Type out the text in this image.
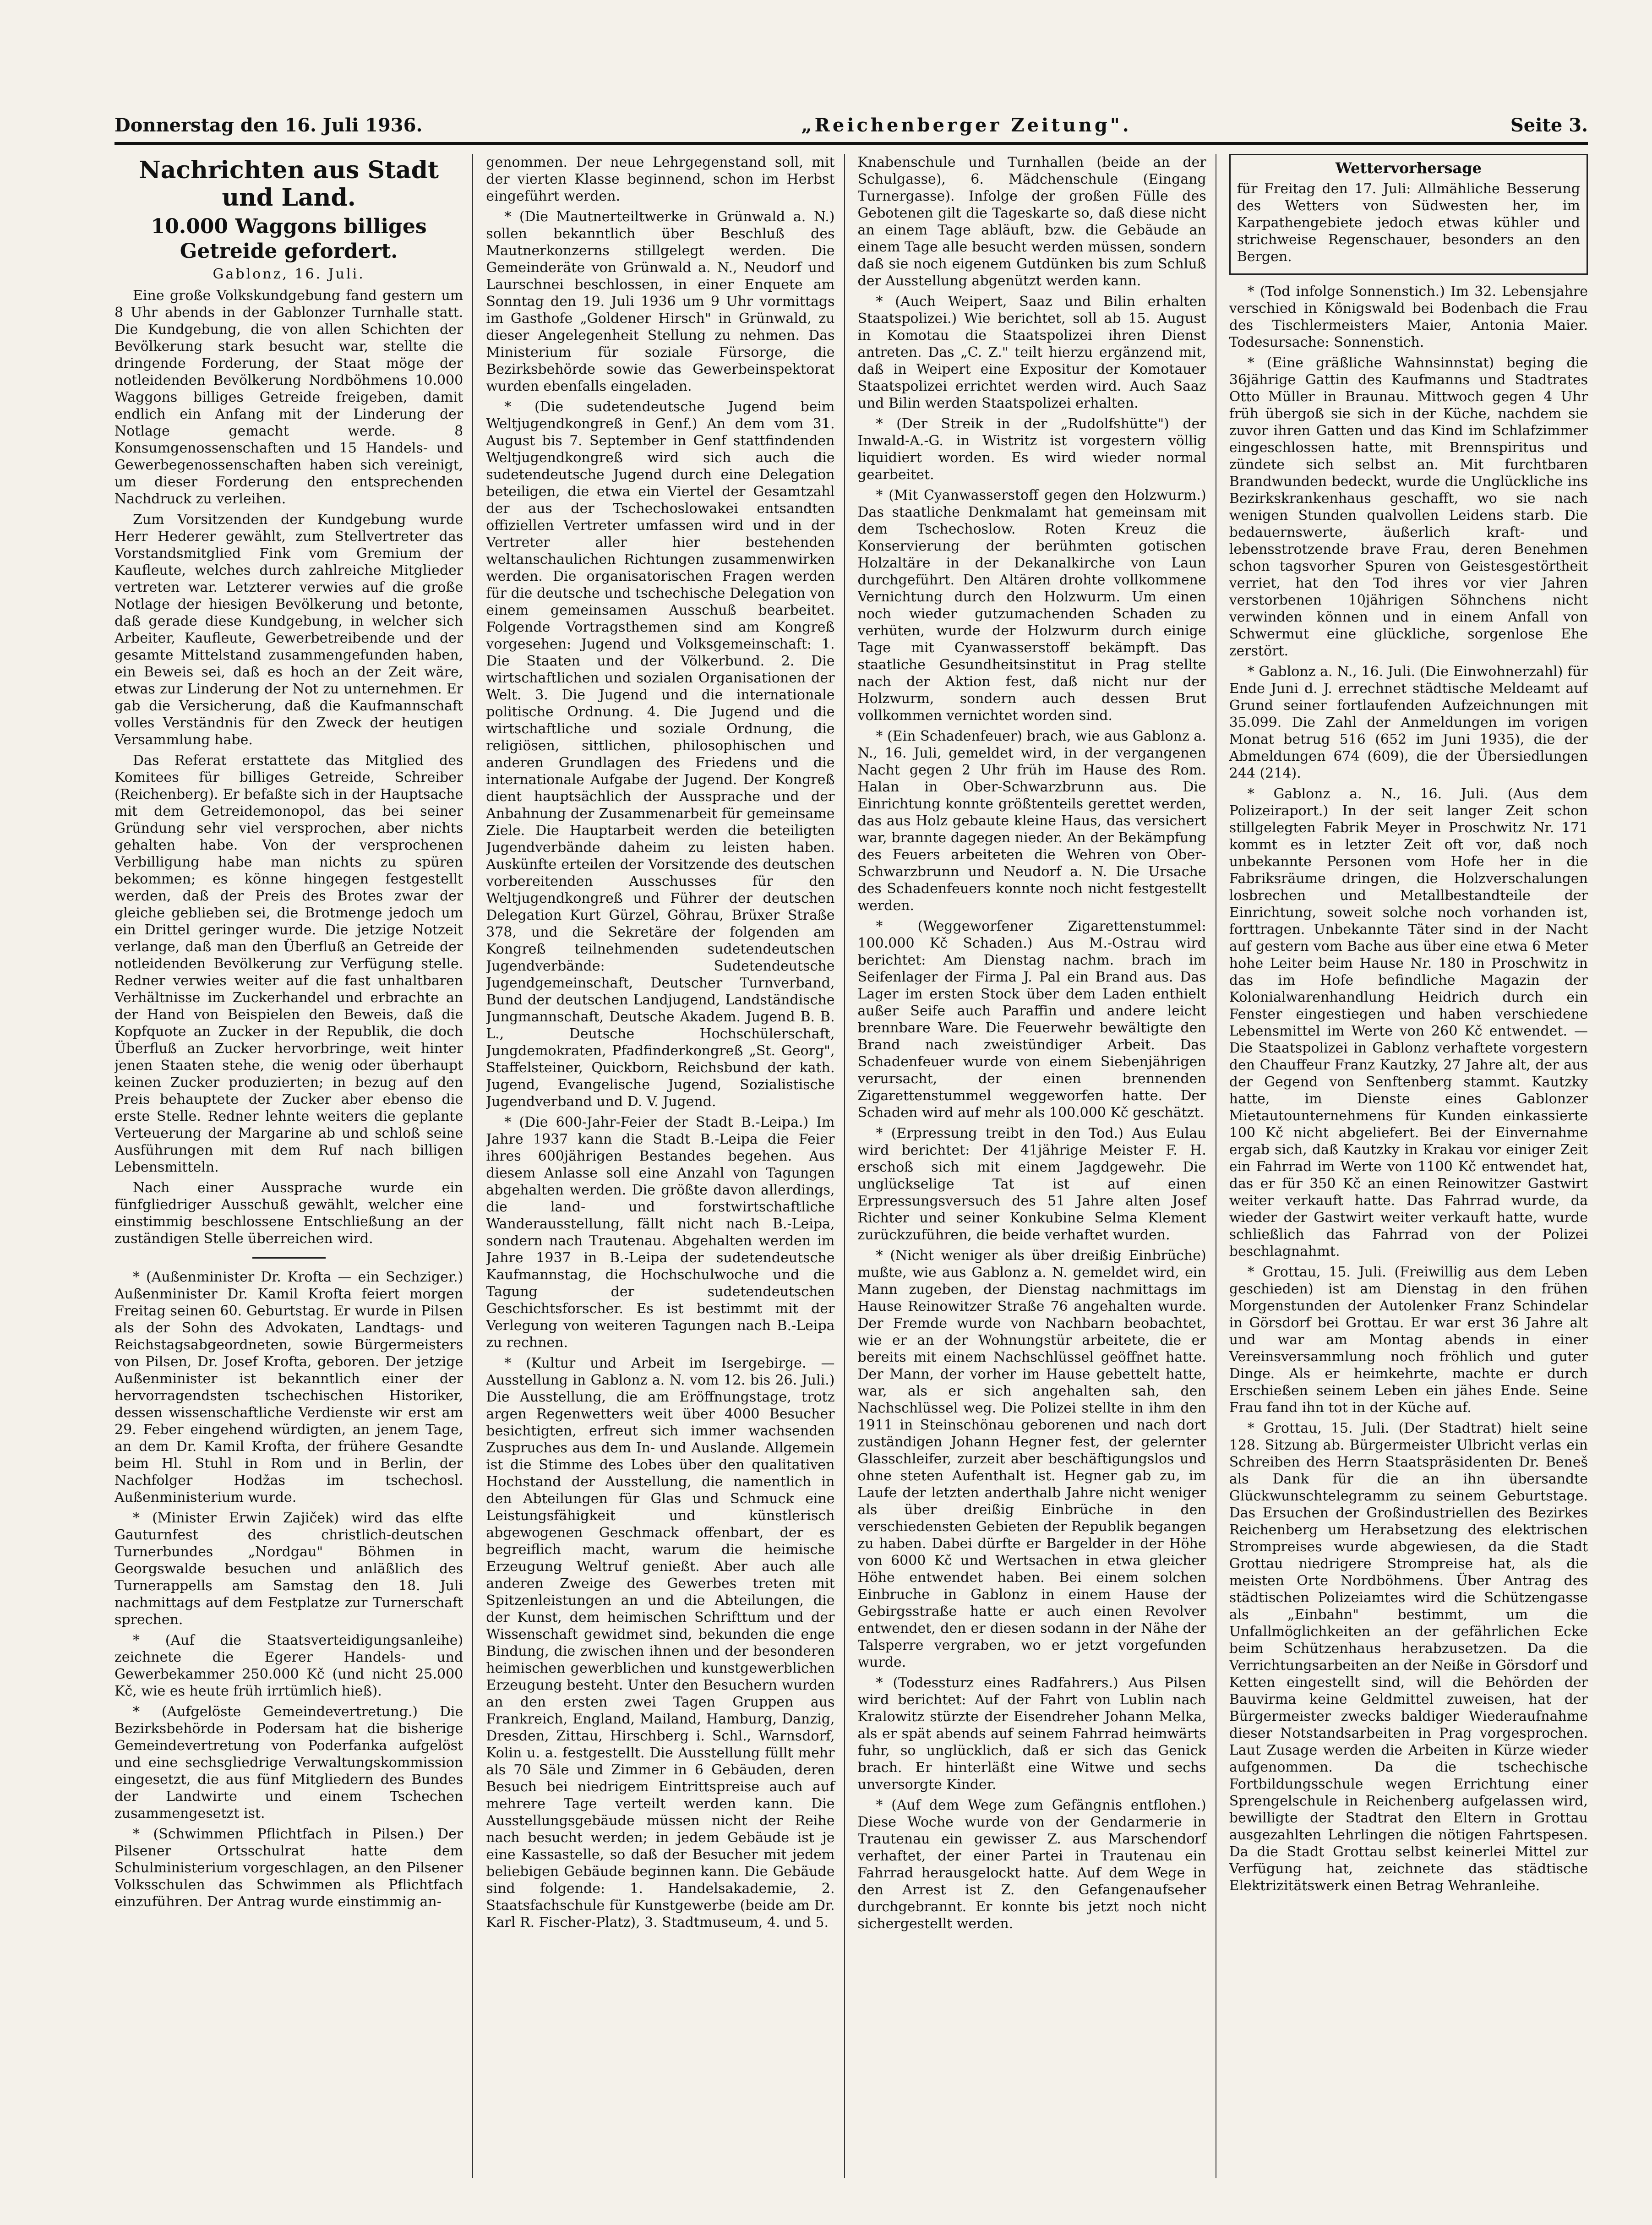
Donnerstag den 16. Juli 1936.	„Reichenberger Zeitung".	Seite 3.
Nachrichten aus Stadt und Land.
10.000 Waggons billiges Getreide gefordert.
Gablonz, 16. Juli.

Eine große Volkskundgebung fand gestern um 8 Uhr abends in der Gablonzer Turnhalle statt. Die Kundgebung, die von allen Schichten der Bevölkerung stark besucht war, stellte die dringende Forderung, der Staat möge der notleidenden Bevölkerung Nordböhmens 10.000 Waggons billiges Getreide freigeben, damit endlich ein Anfang mit der Linderung der Notlage gemacht werde. 8 Konsumgenossenschaften und 15 Handels- und Gewerbegenossenschaften haben sich vereinigt, um dieser Forderung den entsprechenden Nachdruck zu verleihen.

Zum Vorsitzenden der Kundgebung wurde Herr Hederer gewählt, zum Stellvertreter das Vorstandsmitglied Fink vom Gremium der Kaufleute, welches durch zahlreiche Mitglieder vertreten war. Letzterer verwies auf die große Notlage der hiesigen Bevölkerung und betonte, daß gerade diese Kundgebung, in welcher sich Arbeiter, Kaufleute, Gewerbetreibende und der gesamte Mittelstand zusammengefunden haben, ein Beweis sei, daß es hoch an der Zeit wäre, etwas zur Linderung der Not zu unternehmen. Er gab die Versicherung, daß die Kaufmannschaft volles Verständnis für den Zweck der heutigen Versammlung habe.

Das Referat erstattete das Mitglied des Komitees für billiges Getreide, Schreiber (Reichenberg). Er befaßte sich in der Hauptsache mit dem Getreidemonopol, das bei seiner Gründung sehr viel versprochen, aber nichts gehalten habe. Von der versprochenen Verbilligung habe man nichts zu spüren bekommen; es könne hingegen festgestellt werden, daß der Preis des Brotes zwar der gleiche geblieben sei, die Brotmenge jedoch um ein Drittel geringer wurde. Die jetzige Notzeit verlange, daß man den Überfluß an Getreide der notleidenden Bevölkerung zur Verfügung stelle. Redner verwies weiter auf die fast unhaltbaren Verhältnisse im Zuckerhandel und erbrachte an der Hand von Beispielen den Beweis, daß die Kopfquote an Zucker in der Republik, die doch Überfluß an Zucker hervorbringe, weit hinter jenen Staaten stehe, die wenig oder überhaupt keinen Zucker produzierten; in bezug auf den Preis behauptete der Zucker aber ebenso die erste Stelle. Redner lehnte weiters die geplante Verteuerung der Margarine ab und schloß seine Ausführungen mit dem Ruf nach billigen Lebensmitteln.

Nach einer Aussprache wurde ein fünfgliedriger Ausschuß gewählt, welcher eine einstimmig beschlossene Entschließung an der zuständigen Stelle überreichen wird.

* (Außenminister Dr. Krofta — ein Sechziger.) Außenminister Dr. Kamil Krofta feiert morgen Freitag seinen 60. Geburtstag. Er wurde in Pilsen als der Sohn des Advokaten, Landtags- und Reichstagsabgeordneten, sowie Bürgermeisters von Pilsen, Dr. Josef Krofta, geboren. Der jetzige Außenminister ist bekanntlich einer der hervorragendsten tschechischen Historiker, dessen wissenschaftliche Verdienste wir erst am 29. Feber eingehend würdigten, an jenem Tage, an dem Dr. Kamil Krofta, der frühere Gesandte beim Hl. Stuhl in Rom und in Berlin, der Nachfolger Hodžas im tschechosl. Außenministerium wurde.

* (Minister Erwin Zajiček) wird das elfte Gauturnfest des christlich-deutschen Turnerbundes „Nordgau" Böhmen in Georgswalde besuchen und anläßlich des Turnerappells am Samstag den 18. Juli nachmittags auf dem Festplatze zur Turnerschaft sprechen.

* (Auf die Staatsverteidigungsanleihe) zeichnete die Egerer Handels- und Gewerbekammer 250.000 Kč (und nicht 25.000 Kč, wie es heute früh irrtümlich hieß).

* (Aufgelöste Gemeindevertretung.) Die Bezirksbehörde in Podersam hat die bisherige Gemeindevertretung von Poderfanka aufgelöst und eine sechsgliedrige Verwaltungskommission eingesetzt, die aus fünf Mitgliedern des Bundes der Landwirte und einem Tschechen zusammengesetzt ist.

* (Schwimmen Pflichtfach in Pilsen.) Der Pilsener Ortsschulrat hatte dem Schulministerium vorgeschlagen, an den Pilsener Volksschulen das Schwimmen als Pflichtfach einzuführen. Der Antrag wurde einstimmig an-

genommen. Der neue Lehrgegenstand soll, mit der vierten Klasse beginnend, schon im Herbst eingeführt werden.

* (Die Mautnerteiltwerke in Grünwald a. N.) sollen bekanntlich über Beschluß des Mautnerkonzerns stillgelegt werden. Die Gemeinderäte von Grünwald a. N., Neudorf und Laurschnei beschlossen, in einer Enquete am Sonntag den 19. Juli 1936 um 9 Uhr vormittags im Gasthofe „Goldener Hirsch" in Grünwald, zu dieser Angelegenheit Stellung zu nehmen. Das Ministerium für soziale Fürsorge, die Bezirksbehörde sowie das Gewerbeinspektorat wurden ebenfalls eingeladen.

* (Die sudetendeutsche Jugend beim Weltjugendkongreß in Genf.) An dem vom 31. August bis 7. September in Genf stattfindenden Weltjugendkongreß wird sich auch die sudetendeutsche Jugend durch eine Delegation beteiligen, die etwa ein Viertel der Gesamtzahl der aus der Tschechoslowakei entsandten offiziellen Vertreter umfassen wird und in der Vertreter aller hier bestehenden weltanschaulichen Richtungen zusammenwirken werden. Die organisatorischen Fragen werden für die deutsche und tschechische Delegation von einem gemeinsamen Ausschuß bearbeitet. Folgende Vortragsthemen sind am Kongreß vorgesehen: Jugend und Volksgemeinschaft: 1. Die Staaten und der Völkerbund. 2. Die wirtschaftlichen und sozialen Organisationen der Welt. 3. Die Jugend und die internationale politische Ordnung. 4. Die Jugend und die wirtschaftliche und soziale Ordnung, die religiösen, sittlichen, philosophischen und anderen Grundlagen des Friedens und die internationale Aufgabe der Jugend. Der Kongreß dient hauptsächlich der Aussprache und der Anbahnung der Zusammenarbeit für gemeinsame Ziele. Die Hauptarbeit werden die beteiligten Jugendverbände daheim zu leisten haben. Auskünfte erteilen der Vorsitzende des deutschen vorbereitenden Ausschusses für den Weltjugendkongreß und Führer der deutschen Delegation Kurt Gürzel, Göhrau, Brüxer Straße 378, und die Sekretäre der folgenden am Kongreß teilnehmenden sudetendeutschen Jugendverbände: Sudetendeutsche Jugendgemeinschaft, Deutscher Turnverband, Bund der deutschen Landjugend, Landständische Jungmannschaft, Deutsche Akadem. Jugend B. B. L., Deutsche Hochschülerschaft, Jungdemokraten, Pfadfinderkongreß „St. Georg", Staffelsteiner, Quickborn, Reichsbund der kath. Jugend, Evangelische Jugend, Sozialistische Jugendverband und D. V. Jugend.

* (Die 600-Jahr-Feier der Stadt B.-Leipa.) Im Jahre 1937 kann die Stadt B.-Leipa die Feier ihres 600jährigen Bestandes begehen. Aus diesem Anlasse soll eine Anzahl von Tagungen abgehalten werden. Die größte davon allerdings, die land- und forstwirtschaftliche Wanderausstellung, fällt nicht nach B.-Leipa, sondern nach Trautenau. Abgehalten werden im Jahre 1937 in B.-Leipa der sudetendeutsche Kaufmannstag, die Hochschulwoche und die Tagung der sudetendeutschen Geschichtsforscher. Es ist bestimmt mit der Verlegung von weiteren Tagungen nach B.-Leipa zu rechnen.

* (Kultur und Arbeit im Isergebirge. — Ausstellung in Gablonz a. N. vom 12. bis 26. Juli.) Die Ausstellung, die am Eröffnungstage, trotz argen Regenwetters weit über 4000 Besucher besichtigten, erfreut sich immer wachsenden Zuspruches aus dem In- und Auslande. Allgemein ist die Stimme des Lobes über den qualitativen Hochstand der Ausstellung, die namentlich in den Abteilungen für Glas und Schmuck eine Leistungsfähigkeit und künstlerisch abgewogenen Geschmack offenbart, der es begreiflich macht, warum die heimische Erzeugung Weltruf genießt. Aber auch alle anderen Zweige des Gewerbes treten mit Spitzenleistungen an und die Abteilungen, die der Kunst, dem heimischen Schrifttum und der Wissenschaft gewidmet sind, bekunden die enge Bindung, die zwischen ihnen und der besonderen heimischen gewerblichen und kunstgewerblichen Erzeugung besteht. Unter den Besuchern wurden an den ersten zwei Tagen Gruppen aus Frankreich, England, Mailand, Hamburg, Danzig, Dresden, Zittau, Hirschberg i. Schl., Warnsdorf, Kolin u. a. festgestellt. Die Ausstellung füllt mehr als 70 Säle und Zimmer in 6 Gebäuden, deren Besuch bei niedrigem Eintrittspreise auch auf mehrere Tage verteilt werden kann. Die Ausstellungsgebäude müssen nicht der Reihe nach besucht werden; in jedem Gebäude ist je eine Kassastelle, so daß der Besucher mit jedem beliebigen Gebäude beginnen kann. Die Gebäude sind folgende: 1. Handelsakademie, 2. Staatsfachschule für Kunstgewerbe (beide am Dr. Karl R. Fischer-Platz), 3. Stadtmuseum, 4. und 5.

Knabenschule und Turnhallen (beide an der Schulgasse), 6. Mädchenschule (Eingang Turnergasse). Infolge der großen Fülle des Gebotenen gilt die Tageskarte so, daß diese nicht an einem Tage abläuft, bzw. die Gebäude an einem Tage alle besucht werden müssen, sondern daß sie noch eigenem Gutdünken bis zum Schluß der Ausstellung abgenützt werden kann.

* (Auch Weipert, Saaz und Bilin erhalten Staatspolizei.) Wie berichtet, soll ab 15. August in Komotau die Staatspolizei ihren Dienst antreten. Das „C. Z." teilt hierzu ergänzend mit, daß in Weipert eine Expositur der Komotauer Staatspolizei errichtet werden wird. Auch Saaz und Bilin werden Staatspolizei erhalten.

* (Der Streik in der „Rudolfshütte") der Inwald-A.-G. in Wistritz ist vorgestern völlig liquidiert worden. Es wird wieder normal gearbeitet.

* (Mit Cyanwasserstoff gegen den Holzwurm.) Das staatliche Denkmalamt hat gemeinsam mit dem Tschechoslow. Roten Kreuz die Konservierung der berühmten gotischen Holzaltäre in der Dekanalkirche von Laun durchgeführt. Den Altären drohte vollkommene Vernichtung durch den Holzwurm. Um einen noch wieder gutzumachenden Schaden zu verhüten, wurde der Holzwurm durch einige Tage mit Cyanwasserstoff bekämpft. Das staatliche Gesundheitsinstitut in Prag stellte nach der Aktion fest, daß nicht nur der Holzwurm, sondern auch dessen Brut vollkommen vernichtet worden sind.

* (Ein Schadenfeuer) brach, wie aus Gablonz a. N., 16. Juli, gemeldet wird, in der vergangenen Nacht gegen 2 Uhr früh im Hause des Rom. Halan in Ober-Schwarzbrunn aus. Die Einrichtung konnte größtenteils gerettet werden, das aus Holz gebaute kleine Haus, das versichert war, brannte dagegen nieder. An der Bekämpfung des Feuers arbeiteten die Wehren von Ober-Schwarzbrunn und Neudorf a. N. Die Ursache des Schadenfeuers konnte noch nicht festgestellt werden.

* (Weggeworfener Zigarettenstummel: 100.000 Kč Schaden.) Aus M.-Ostrau wird berichtet: Am Dienstag nachm. brach im Seifenlager der Firma J. Pal ein Brand aus. Das Lager im ersten Stock über dem Laden enthielt außer Seife auch Paraffin und andere leicht brennbare Ware. Die Feuerwehr bewältigte den Brand nach zweistündiger Arbeit. Das Schadenfeuer wurde von einem Siebenjährigen verursacht, der einen brennenden Zigarettenstummel weggeworfen hatte. Der Schaden wird auf mehr als 100.000 Kč geschätzt.

* (Erpressung treibt in den Tod.) Aus Eulau wird berichtet: Der 41jährige Meister F. H. erschoß sich mit einem Jagdgewehr. Die unglückselige Tat ist auf einen Erpressungsversuch des 51 Jahre alten Josef Richter und seiner Konkubine Selma Klement zurückzuführen, die beide verhaftet wurden.

* (Nicht weniger als über dreißig Einbrüche) mußte, wie aus Gablonz a. N. gemeldet wird, ein Mann zugeben, der Dienstag nachmittags im Hause Reinowitzer Straße 76 angehalten wurde. Der Fremde wurde von Nachbarn beobachtet, wie er an der Wohnungstür arbeitete, die er bereits mit einem Nachschlüssel geöffnet hatte. Der Mann, der vorher im Hause gebettelt hatte, war, als er sich angehalten sah, den Nachschlüssel weg. Die Polizei stellte in ihm den 1911 in Steinschönau geborenen und nach dort zuständigen Johann Hegner fest, der gelernter Glasschleifer, zurzeit aber beschäftigungslos und ohne steten Aufenthalt ist. Hegner gab zu, im Laufe der letzten anderthalb Jahre nicht weniger als über dreißig Einbrüche in den verschiedensten Gebieten der Republik begangen zu haben. Dabei dürfte er Bargelder in der Höhe von 6000 Kč und Wertsachen in etwa gleicher Höhe entwendet haben. Bei einem solchen Einbruche in Gablonz in einem Hause der Gebirgsstraße hatte er auch einen Revolver entwendet, den er diesen sodann in der Nähe der Talsperre vergraben, wo er jetzt vorgefunden wurde.

* (Todessturz eines Radfahrers.) Aus Pilsen wird berichtet: Auf der Fahrt von Lublin nach Kralowitz stürzte der Eisendreher Johann Melka, als er spät abends auf seinem Fahrrad heimwärts fuhr, so unglücklich, daß er sich das Genick brach. Er hinterläßt eine Witwe und sechs unversorgte Kinder.

* (Auf dem Wege zum Gefängnis entflohen.) Diese Woche wurde von der Gendarmerie in Trautenau ein gewisser Z. aus Marschendorf verhaftet, der einer Partei in Trautenau ein Fahrrad herausgelockt hatte. Auf dem Wege in den Arrest ist Z. den Gefangenaufseher durchgebrannt. Er konnte bis jetzt noch nicht sichergestellt werden.

Wettervorhersage

für Freitag den 17. Juli: Allmähliche Besserung des Wetters von Südwesten her, im Karpathengebiete jedoch etwas kühler und strichweise Regenschauer, besonders an den Bergen.

* (Tod infolge Sonnenstich.) Im 32. Lebensjahre verschied in Königswald bei Bodenbach die Frau des Tischlermeisters Maier, Antonia Maier. Todesursache: Sonnenstich.

* (Eine gräßliche Wahnsinnstat) beging die 36jährige Gattin des Kaufmanns und Stadtrates Otto Müller in Braunau. Mittwoch gegen 4 Uhr früh übergoß sie sich in der Küche, nachdem sie zuvor ihren Gatten und das Kind im Schlafzimmer eingeschlossen hatte, mit Brennspiritus und zündete sich selbst an. Mit furchtbaren Brandwunden bedeckt, wurde die Unglückliche ins Bezirkskrankenhaus geschafft, wo sie nach wenigen Stunden qualvollen Leidens starb. Die bedauernswerte, äußerlich kraft- und lebensstrotzende brave Frau, deren Benehmen schon tagsvorher Spuren von Geistesgestörtheit verriet, hat den Tod ihres vor vier Jahren verstorbenen 10jährigen Söhnchens nicht verwinden können und in einem Anfall von Schwermut eine glückliche, sorgenlose Ehe zerstört.

* Gablonz a. N., 16. Juli. (Die Einwohnerzahl) für Ende Juni d. J. errechnet städtische Meldeamt auf Grund seiner fortlaufenden Aufzeichnungen mit 35.099. Die Zahl der Anmeldungen im vorigen Monat betrug 516 (652 im Juni 1935), die der Abmeldungen 674 (609), die der Übersiedlungen 244 (214).

* Gablonz a. N., 16. Juli. (Aus dem Polizeiraport.) In der seit langer Zeit schon stillgelegten Fabrik Meyer in Proschwitz Nr. 171 kommt es in letzter Zeit oft vor, daß noch unbekannte Personen vom Hofe her in die Fabriksräume dringen, die Holzverschalungen losbrechen und Metallbestandteile der Einrichtung, soweit solche noch vorhanden ist, forttragen. Unbekannte Täter sind in der Nacht auf gestern vom Bache aus über eine etwa 6 Meter hohe Leiter beim Hause Nr. 180 in Proschwitz in das im Hofe befindliche Magazin der Kolonialwarenhandlung Heidrich durch ein Fenster eingestiegen und haben verschiedene Lebensmittel im Werte von 260 Kč entwendet. — Die Staatspolizei in Gablonz verhaftete vorgestern den Chauffeur Franz Kautzky, 27 Jahre alt, der aus der Gegend von Senftenberg stammt. Kautzky hatte, im Dienste eines Gablonzer Mietautounternehmens für Kunden einkassierte 100 Kč nicht abgeliefert. Bei der Einvernahme ergab sich, daß Kautzky in Krakau vor einiger Zeit ein Fahrrad im Werte von 1100 Kč entwendet hat, das er für 350 Kč an einen Reinowitzer Gastwirt weiter verkauft hatte. Das Fahrrad wurde, da wieder der Gastwirt weiter verkauft hatte, wurde schließlich das Fahrrad von der Polizei beschlagnahmt.

* Grottau, 15. Juli. (Freiwillig aus dem Leben geschieden) ist am Dienstag in den frühen Morgenstunden der Autolenker Franz Schindelar in Görsdorf bei Grottau. Er war erst 36 Jahre alt und war am Montag abends in einer Vereinsversammlung noch fröhlich und guter Dinge. Als er heimkehrte, machte er durch Erschießen seinem Leben ein jähes Ende. Seine Frau fand ihn tot in der Küche auf.

* Grottau, 15. Juli. (Der Stadtrat) hielt seine 128. Sitzung ab. Bürgermeister Ulbricht verlas ein Schreiben des Herrn Staatspräsidenten Dr. Beneš als Dank für die an ihn übersandte Glückwunschtelegramm zu seinem Geburtstage. Das Ersuchen der Großindustriellen des Bezirkes Reichenberg um Herabsetzung des elektrischen Strompreises wurde abgewiesen, da die Stadt Grottau niedrigere Strompreise hat, als die meisten Orte Nordböhmens. Über Antrag des städtischen Polizeiamtes wird die Schützengasse als „Einbahn" bestimmt, um die Unfallmöglichkeiten an der gefährlichen Ecke beim Schützenhaus herabzusetzen. Da die Verrichtungsarbeiten an der Neiße in Görsdorf und Ketten eingestellt sind, will die Behörden der Bauvirma keine Geldmittel zuweisen, hat der Bürgermeister zwecks baldiger Wiederaufnahme dieser Notstandsarbeiten in Prag vorgesprochen. Laut Zusage werden die Arbeiten in Kürze wieder aufgenommen. Da die tschechische Fortbildungsschule wegen Errichtung einer Sprengelschule in Reichenberg aufgelassen wird, bewilligte der Stadtrat den Eltern in Grottau ausgezahlten Lehrlingen die nötigen Fahrtspesen. Da die Stadt Grottau selbst keinerlei Mittel zur Verfügung hat, zeichnete das städtische Elektrizitätswerk einen Betrag Wehranleihe.
